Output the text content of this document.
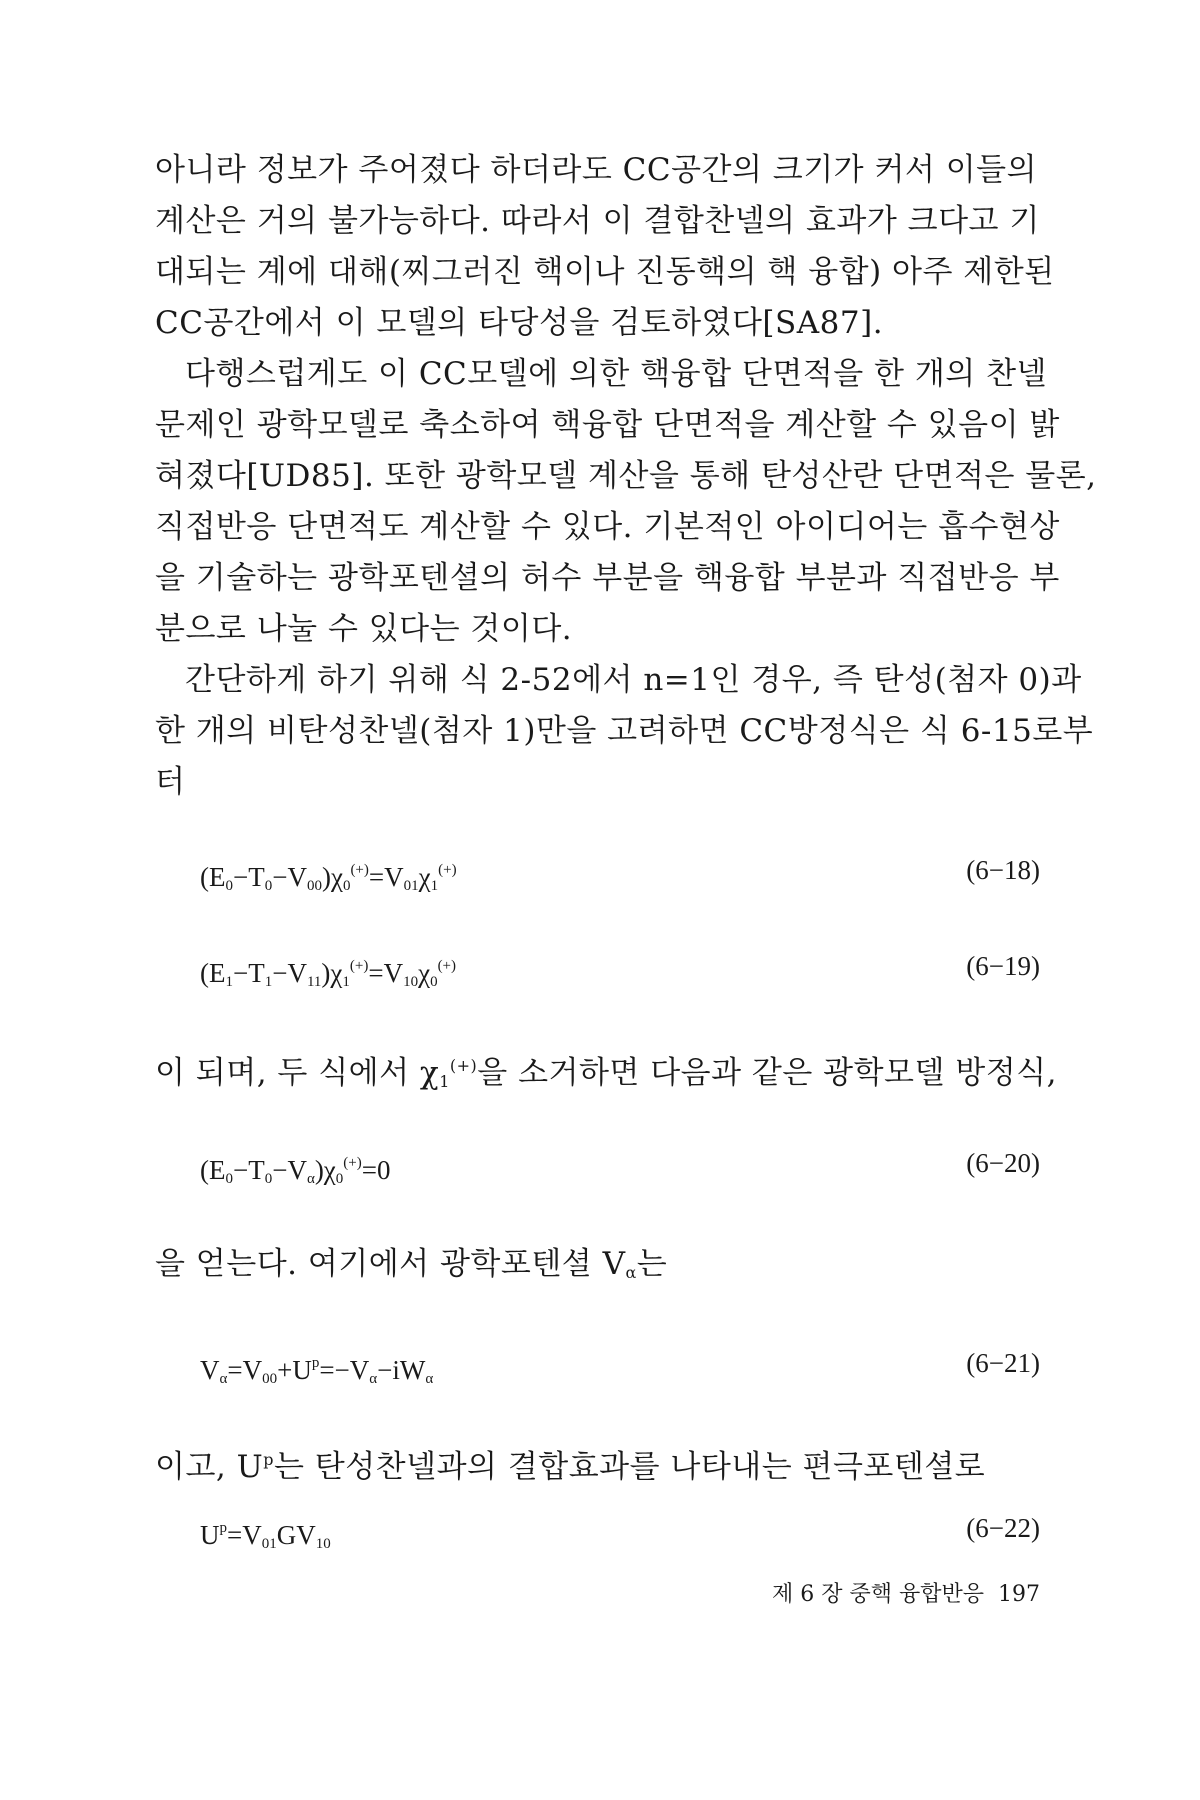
아니라 정보가 주어졌다 하더라도 CC공간의 크기가 커서 이들의
계산은 거의 불가능하다. 따라서 이 결합찬넬의 효과가 크다고 기
대되는 계에 대해(찌그러진 핵이나 진동핵의 핵 융합) 아주 제한된
CC공간에서 이 모델의 타당성을 검토하였다[SA87].
다행스럽게도 이 CC모델에 의한 핵융합 단면적을 한 개의 찬넬
문제인 광학모델로 축소하여 핵융합 단면적을 계산할 수 있음이 밝
혀졌다[UD85]. 또한 광학모델 계산을 통해 탄성산란 단면적은 물론,
직접반응 단면적도 계산할 수 있다. 기본적인 아이디어는 흡수현상
을 기술하는 광학포텐셜의 허수 부분을 핵융합 부분과 직접반응 부
분으로 나눌 수 있다는 것이다.
간단하게 하기 위해 식 2-52에서 n=1인 경우, 즉 탄성(첨자 0)과
한 개의 비탄성찬넬(첨자 1)만을 고려하면 CC방정식은 식 6-15로부
터
$(E_0-T_0-V_{00})\chi_0^{(+)}=V_{01}\chi_1^{(+)}$	(6−18)
$(E_1-T_1-V_{11})\chi_1^{(+)}=V_{10}\chi_0^{(+)}$	(6−19)
이 되며, 두 식에서 $\chi_1^{(+)}$을 소거하면 다음과 같은 광학모델 방정식,
$(E_0-T_0-V_\alpha)\chi_0^{(+)}=0$	(6−20)
을 얻는다. 여기에서 광학포텐셜 $V_\alpha$는
$V_\alpha=V_{00}+U^p=-V_\alpha-iW_\alpha$
(6−21)
이고, $U^p$는 탄성찬넬과의 결합효과를 나타내는 편극포텐셜로
$U^p=V_{01}GV_{10}$
(6−22)
제 6 장 중핵 융합반응 197
